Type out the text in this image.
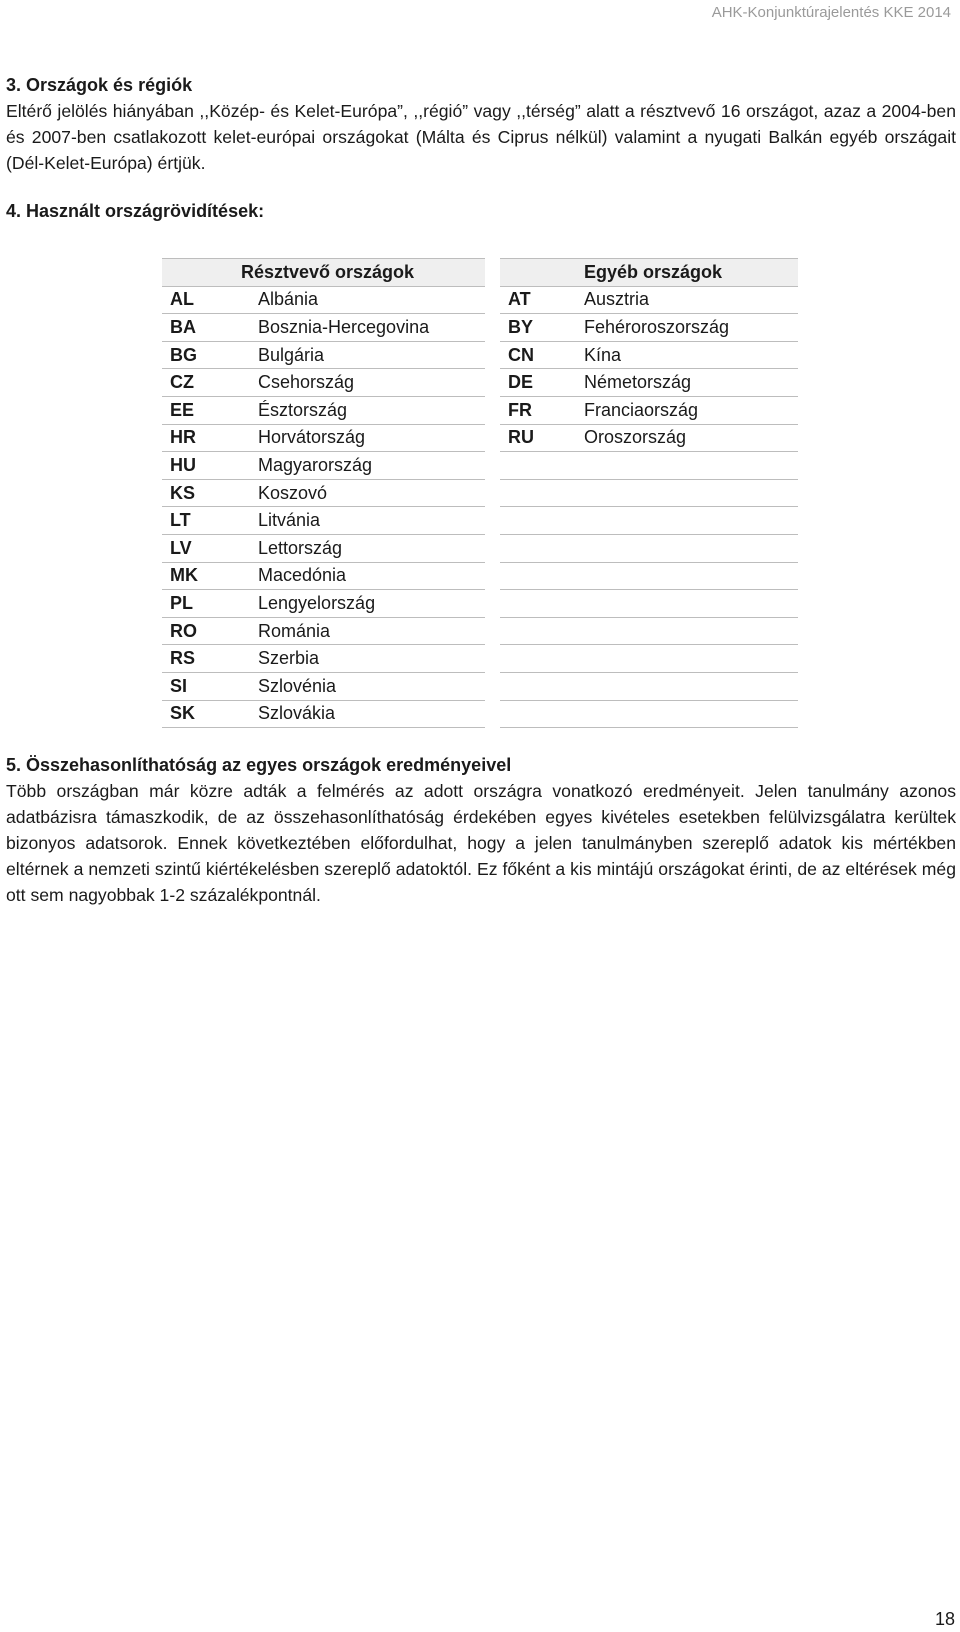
AHK-Konjunktúrajelentés KKE 2014

3. Országok és régiók

Eltérő jelölés hiányában ,,Közép- és Kelet-Európa”, ,,régió” vagy ,,térség” alatt a résztvevő 16 országot, azaz a 2004-ben és 2007-ben csatlakozott kelet-európai országokat (Málta és Ciprus nélkül) valamint a nyugati Balkán egyéb országait (Dél-Kelet-Európa) értjük.

4. Használt országrövidítések:

Résztvevő országok	
AL	Albánia
BA	Bosznia-Hercegovina
BG	Bulgária
CZ	Csehország
EE	Észtország
HR	Horvátország
HU	Magyarország
KS	Koszovó
LT	Litvánia
LV	Lettország
MK	Macedónia
PL	Lengyelország
RO	Románia
RS	Szerbia
SI	Szlovénia
SK	Szlovákia
Egyéb országok	
AT	Ausztria
BY	Fehéroroszország
CN	Kína
DE	Németország
FR	Franciaország
RU	Oroszország

5. Összehasonlíthatóság az egyes országok eredményeivel

Több országban már közre adták a felmérés az adott országra vonatkozó eredményeit. Jelen tanulmány azonos adatbázisra támaszkodik, de az összehasonlíthatóság érdekében egyes kivételes esetekben felülvizsgálatra kerültek bizonyos adatsorok. Ennek következtében előfordulhat, hogy a jelen tanulmányben szereplő adatok kis mértékben eltérnek a nemzeti szintű kiértékelésben szereplő adatoktól. Ez főként a kis mintájú országokat érinti, de az eltérések még ott sem nagyobbak 1-2 százalékpontnál.

18
